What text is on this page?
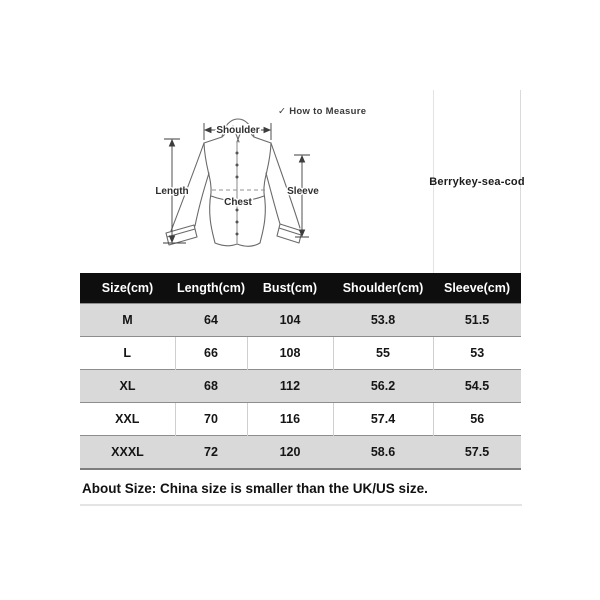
Shoulder
Length	Sleeve
Chest
✓ How to Measure
Berrykey-sea-cod
Size(cm)	Length(cm)	Bust(cm)	Shoulder(cm)	Sleeve(cm)
M	64	104	53.8	51.5
L	66	108	55	53
XL	68	112	56.2	54.5
XXL	70	116	57.4	56
XXXL	72	120	58.6	57.5
About Size: China size is smaller than the UK/US size.
